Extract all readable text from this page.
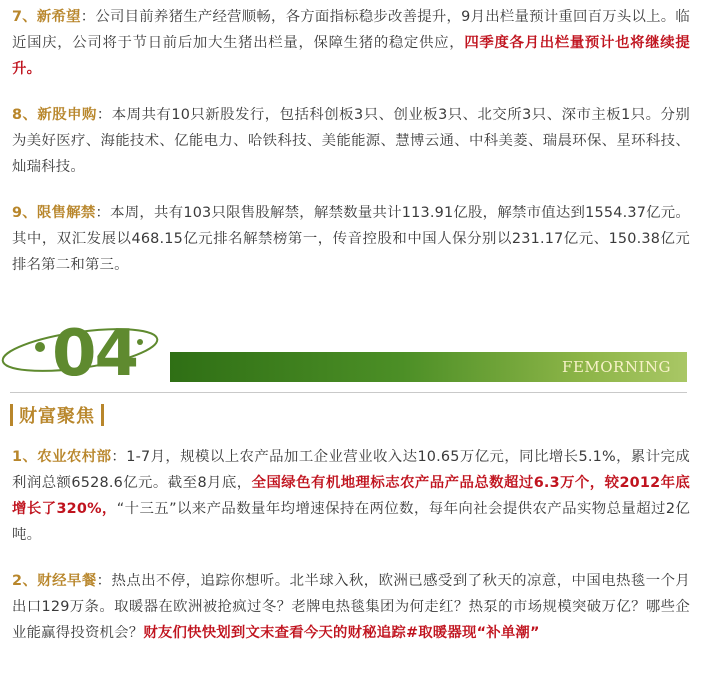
7、新希望：公司目前养猪生产经营顺畅，各方面指标稳步改善提升，9月出栏量预计重回百万头以上。临近国庆，公司将于节日前后加大生猪出栏量，保障生猪的稳定供应，四季度各月出栏量预计也将继续提升。
8、新股申购：本周共有10只新股发行，包括科创板3只、创业板3只、北交所3只、深市主板1只。分别为美好医疗、海能技术、亿能电力、哈铁科技、美能能源、慧博云通、中科美菱、瑞晨环保、星环科技、灿瑞科技。
9、限售解禁：本周，共有103只限售股解禁，解禁数量共计113.91亿股，解禁市值达到1554.37亿元。其中，双汇发展以468.15亿元排名解禁榜第一，传音控股和中国人保分别以231.17亿元、150.38亿元排名第二和第三。
04	FEMORNING
财富聚焦
1、农业农村部：1-7月，规模以上农产品加工企业营业收入达10.65万亿元，同比增长5.1%，累计完成利润总额6528.6亿元。截至8月底，全国绿色有机地理标志农产品产品总数超过6.3万个，较2012年底增长了320%，“十三五”以来产品数量年均增速保持在两位数，每年向社会提供农产品实物总量超过2亿吨。
2、财经早餐：热点出不停，追踪你想听。北半球入秋，欧洲已感受到了秋天的凉意，中国电热毯一个月出口129万条。取暖器在欧洲被抢疯过冬？老牌电热毯集团为何走红？热泵的市场规模突破万亿？哪些企业能赢得投资机会？财友们快快划到文末查看今天的财秘追踪#取暖器现“补单潮”
